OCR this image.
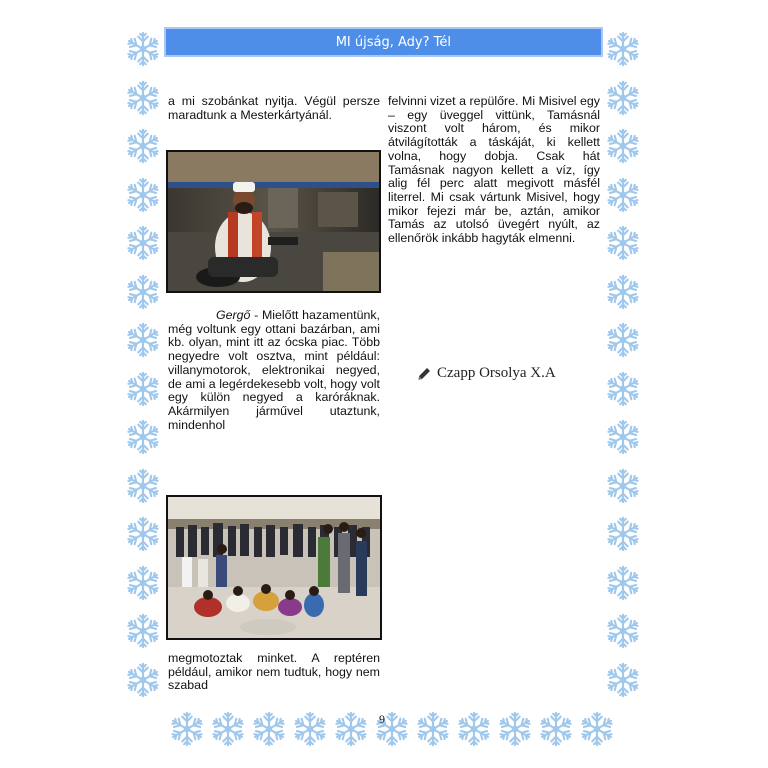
MI újság, Ady? Tél

a mi szobánkat nyitja. Végül persze maradtunk a Mesterkártyánál.

Gergő - Mielőtt hazamentünk, még voltunk egy ottani bazárban, ami kb. olyan, mint itt az ócska piac. Több negyedre volt osztva, mint például: villanymotorok, elektronikai negyed, de ami a legérdekesebb volt, hogy volt egy külön negyed a karóráknak. Akármilyen járművel utaztunk, mindenhol

megmotoztak minket. A reptéren például, amikor nem tudtuk, hogy nem szabad

felvinni vizet a repülőre. Mi Misivel egy – egy üveggel vittünk, Tamásnál viszont volt három, és mikor átvilágították a táskáját, ki kellett volna, hogy dobja. Csak hát Tamásnak nagyon kellett a víz, így alig fél perc alatt megivott másfél literrel. Mi csak vártunk Misivel, hogy mikor fejezi már be, aztán, amikor Tamás az utolsó üvegért nyúlt, az ellenőrök inkább hagyták elmenni.

Czapp Orsolya X.A
9
